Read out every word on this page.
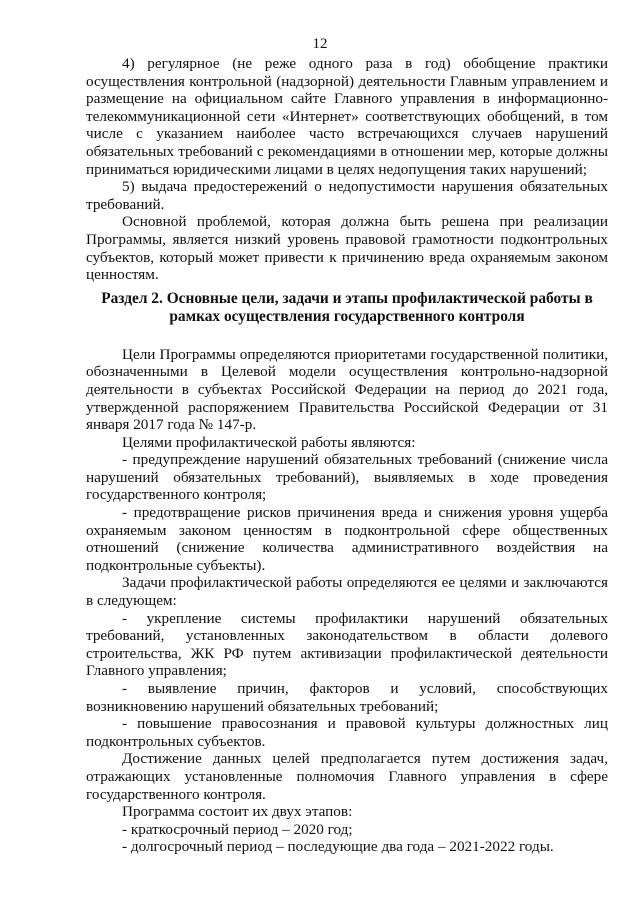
12

4) регулярное (не реже одного раза в год) обобщение практики осуществления контрольной (надзорной) деятельности Главным управлением и размещение на официальном сайте Главного управления в информационно-телекоммуникационной сети «Интернет» соответствующих обобщений, в том числе с указанием наиболее часто встречающихся случаев нарушений обязательных требований с рекомендациями в отношении мер, которые должны приниматься юридическими лицами в целях недопущения таких нарушений;

5) выдача предостережений о недопустимости нарушения обязательных требований.

Основной проблемой, которая должна быть решена при реализации Программы, является низкий уровень правовой грамотности подконтрольных субъектов, который может привести к причинению вреда охраняемым законом ценностям.

Раздел 2. Основные цели, задачи и этапы профилактической работы в
рамках осуществления государственного контроля

Цели Программы определяются приоритетами государственной политики, обозначенными в Целевой модели осуществления контрольно-надзорной деятельности в субъектах Российской Федерации на период до 2021 года, утвержденной распоряжением Правительства Российской Федерации от 31 января 2017 года № 147-р.

Целями профилактической работы являются:

- предупреждение нарушений обязательных требований (снижение числа нарушений обязательных требований), выявляемых в ходе проведения государственного контроля;

- предотвращение рисков причинения вреда и снижения уровня ущерба охраняемым законом ценностям в подконтрольной сфере общественных отношений (снижение количества административного воздействия на подконтрольные субъекты).

Задачи профилактической работы определяются ее целями и заключаются в следующем:

- укрепление системы профилактики нарушений обязательных требований, установленных законодательством в области долевого строительства, ЖК РФ путем активизации профилактической деятельности Главного управления;

- выявление причин, факторов и условий, способствующих возникновению нарушений обязательных требований;

- повышение правосознания и правовой культуры должностных лиц подконтрольных субъектов.

Достижение данных целей предполагается путем достижения задач, отражающих установленные полномочия Главного управления в сфере государственного контроля.

Программа состоит их двух этапов:

- краткосрочный период – 2020 год;

- долгосрочный период – последующие два года – 2021-2022 годы.
